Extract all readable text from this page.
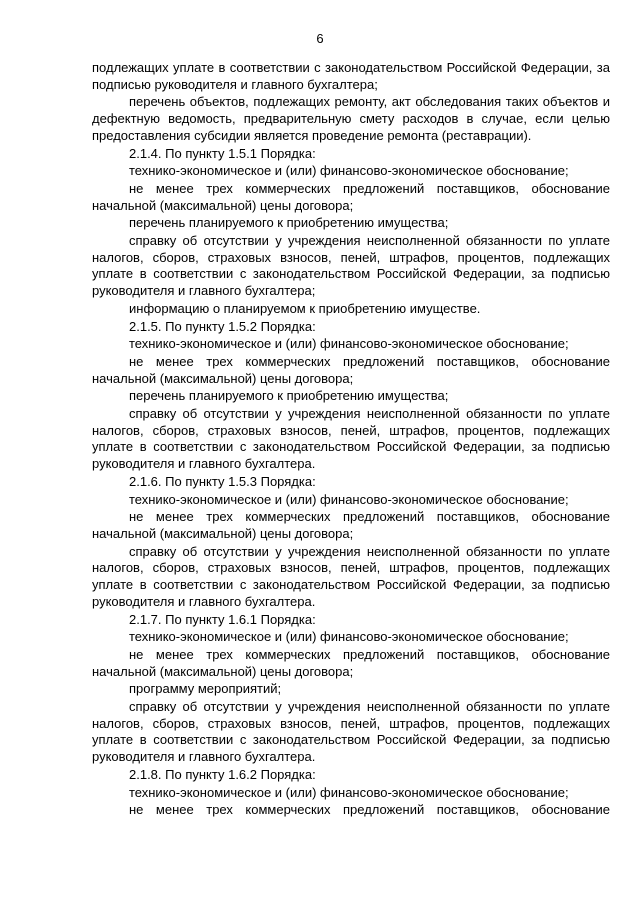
6

подлежащих уплате в соответствии с законодательством Российской Федерации, за подписью руководителя и главного бухгалтера;

перечень объектов, подлежащих ремонту, акт обследования таких объектов и дефектную ведомость, предварительную смету расходов в случае, если целью предоставления субсидии является проведение ремонта (реставрации).

2.1.4. По пункту 1.5.1 Порядка:

технико-экономическое и (или) финансово-экономическое обоснование;

не менее трех коммерческих предложений поставщиков, обоснование начальной (максимальной) цены договора;

перечень планируемого к приобретению имущества;

справку об отсутствии у учреждения неисполненной обязанности по уплате налогов, сборов, страховых взносов, пеней, штрафов, процентов, подлежащих уплате в соответствии с законодательством Российской Федерации, за подписью руководителя и главного бухгалтера;

информацию о планируемом к приобретению имуществе.

2.1.5. По пункту 1.5.2 Порядка:

технико-экономическое и (или) финансово-экономическое обоснование;

не менее трех коммерческих предложений поставщиков, обоснование начальной (максимальной) цены договора;

перечень планируемого к приобретению имущества;

справку об отсутствии у учреждения неисполненной обязанности по уплате налогов, сборов, страховых взносов, пеней, штрафов, процентов, подлежащих уплате в соответствии с законодательством Российской Федерации, за подписью руководителя и главного бухгалтера.

2.1.6. По пункту 1.5.3 Порядка:

технико-экономическое и (или) финансово-экономическое обоснование;

не менее трех коммерческих предложений поставщиков, обоснование начальной (максимальной) цены договора;

справку об отсутствии у учреждения неисполненной обязанности по уплате налогов, сборов, страховых взносов, пеней, штрафов, процентов, подлежащих уплате в соответствии с законодательством Российской Федерации, за подписью руководителя и главного бухгалтера.

2.1.7. По пункту 1.6.1 Порядка:

технико-экономическое и (или) финансово-экономическое обоснование;

не менее трех коммерческих предложений поставщиков, обоснование начальной (максимальной) цены договора;

программу мероприятий;

справку об отсутствии у учреждения неисполненной обязанности по уплате налогов, сборов, страховых взносов, пеней, штрафов, процентов, подлежащих уплате в соответствии с законодательством Российской Федерации, за подписью руководителя и главного бухгалтера.

2.1.8. По пункту 1.6.2 Порядка:

технико-экономическое и (или) финансово-экономическое обоснование;

не менее трех коммерческих предложений поставщиков, обоснование
